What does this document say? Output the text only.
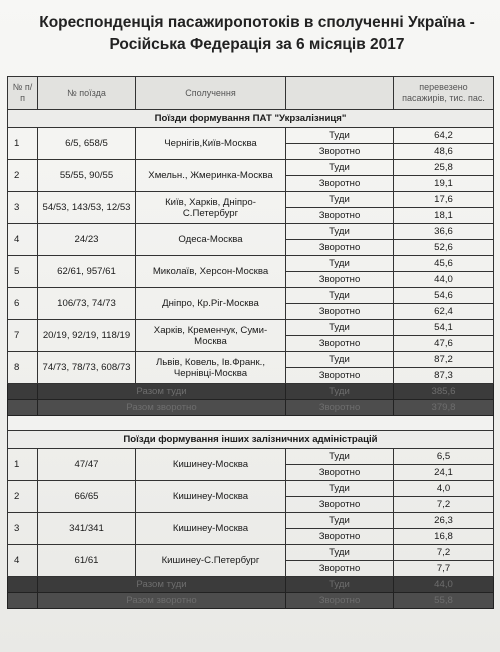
Кореспонденція пасажиропотоків в сполученні Україна - Російська Федерація за 6 місяців 2017
№ п/п	№ поїзда	Сполучення		перевезено пасажирів, тис. пас.
Поїзди формування ПАТ "Укрзалізниця"				
1	6/5, 658/5	Чернігів,Київ-Москва	Туди	64,2
			Зворотно	48,6
2	55/55, 90/55	Хмельн., Жмеринка-Москва	Туди	25,8
			Зворотно	19,1
3	54/53, 143/53, 12/53	Київ, Харків, Дніпро-С.Петербург	Туди	17,6
			Зворотно	18,1
4	24/23	Одеса-Москва	Туди	36,6
			Зворотно	52,6
5	62/61, 957/61	Миколаїв, Херсон-Москва	Туди	45,6
			Зворотно	44,0
6	106/73, 74/73	Дніпро, Кр.Ріг-Москва	Туди	54,6
			Зворотно	62,4
7	20/19, 92/19, 118/19	Харків, Кременчук, Суми-Москва	Туди	54,1
			Зворотно	47,6
8	74/73, 78/73, 608/73	Львів, Ковель, Ів.Франк., Чернівці-Москва	Туди	87,2
			Зворотно	87,3
	Разом туди		Туди	385,6
	Разом зворотно		Зворотно	379,8

Поїзди формування інших залізничних адміністрацій				
1	47/47	Кишинеу-Москва	Туди	6,5
			Зворотно	24,1
2	66/65	Кишинеу-Москва	Туди	4,0
			Зворотно	7,2
3	341/341	Кишинеу-Москва	Туди	26,3
			Зворотно	16,8
4	61/61	Кишинеу-С.Петербург	Туди	7,2
			Зворотно	7,7
	Разом туди		Туди	44,0
	Разом зворотно		Зворотно	55,8
